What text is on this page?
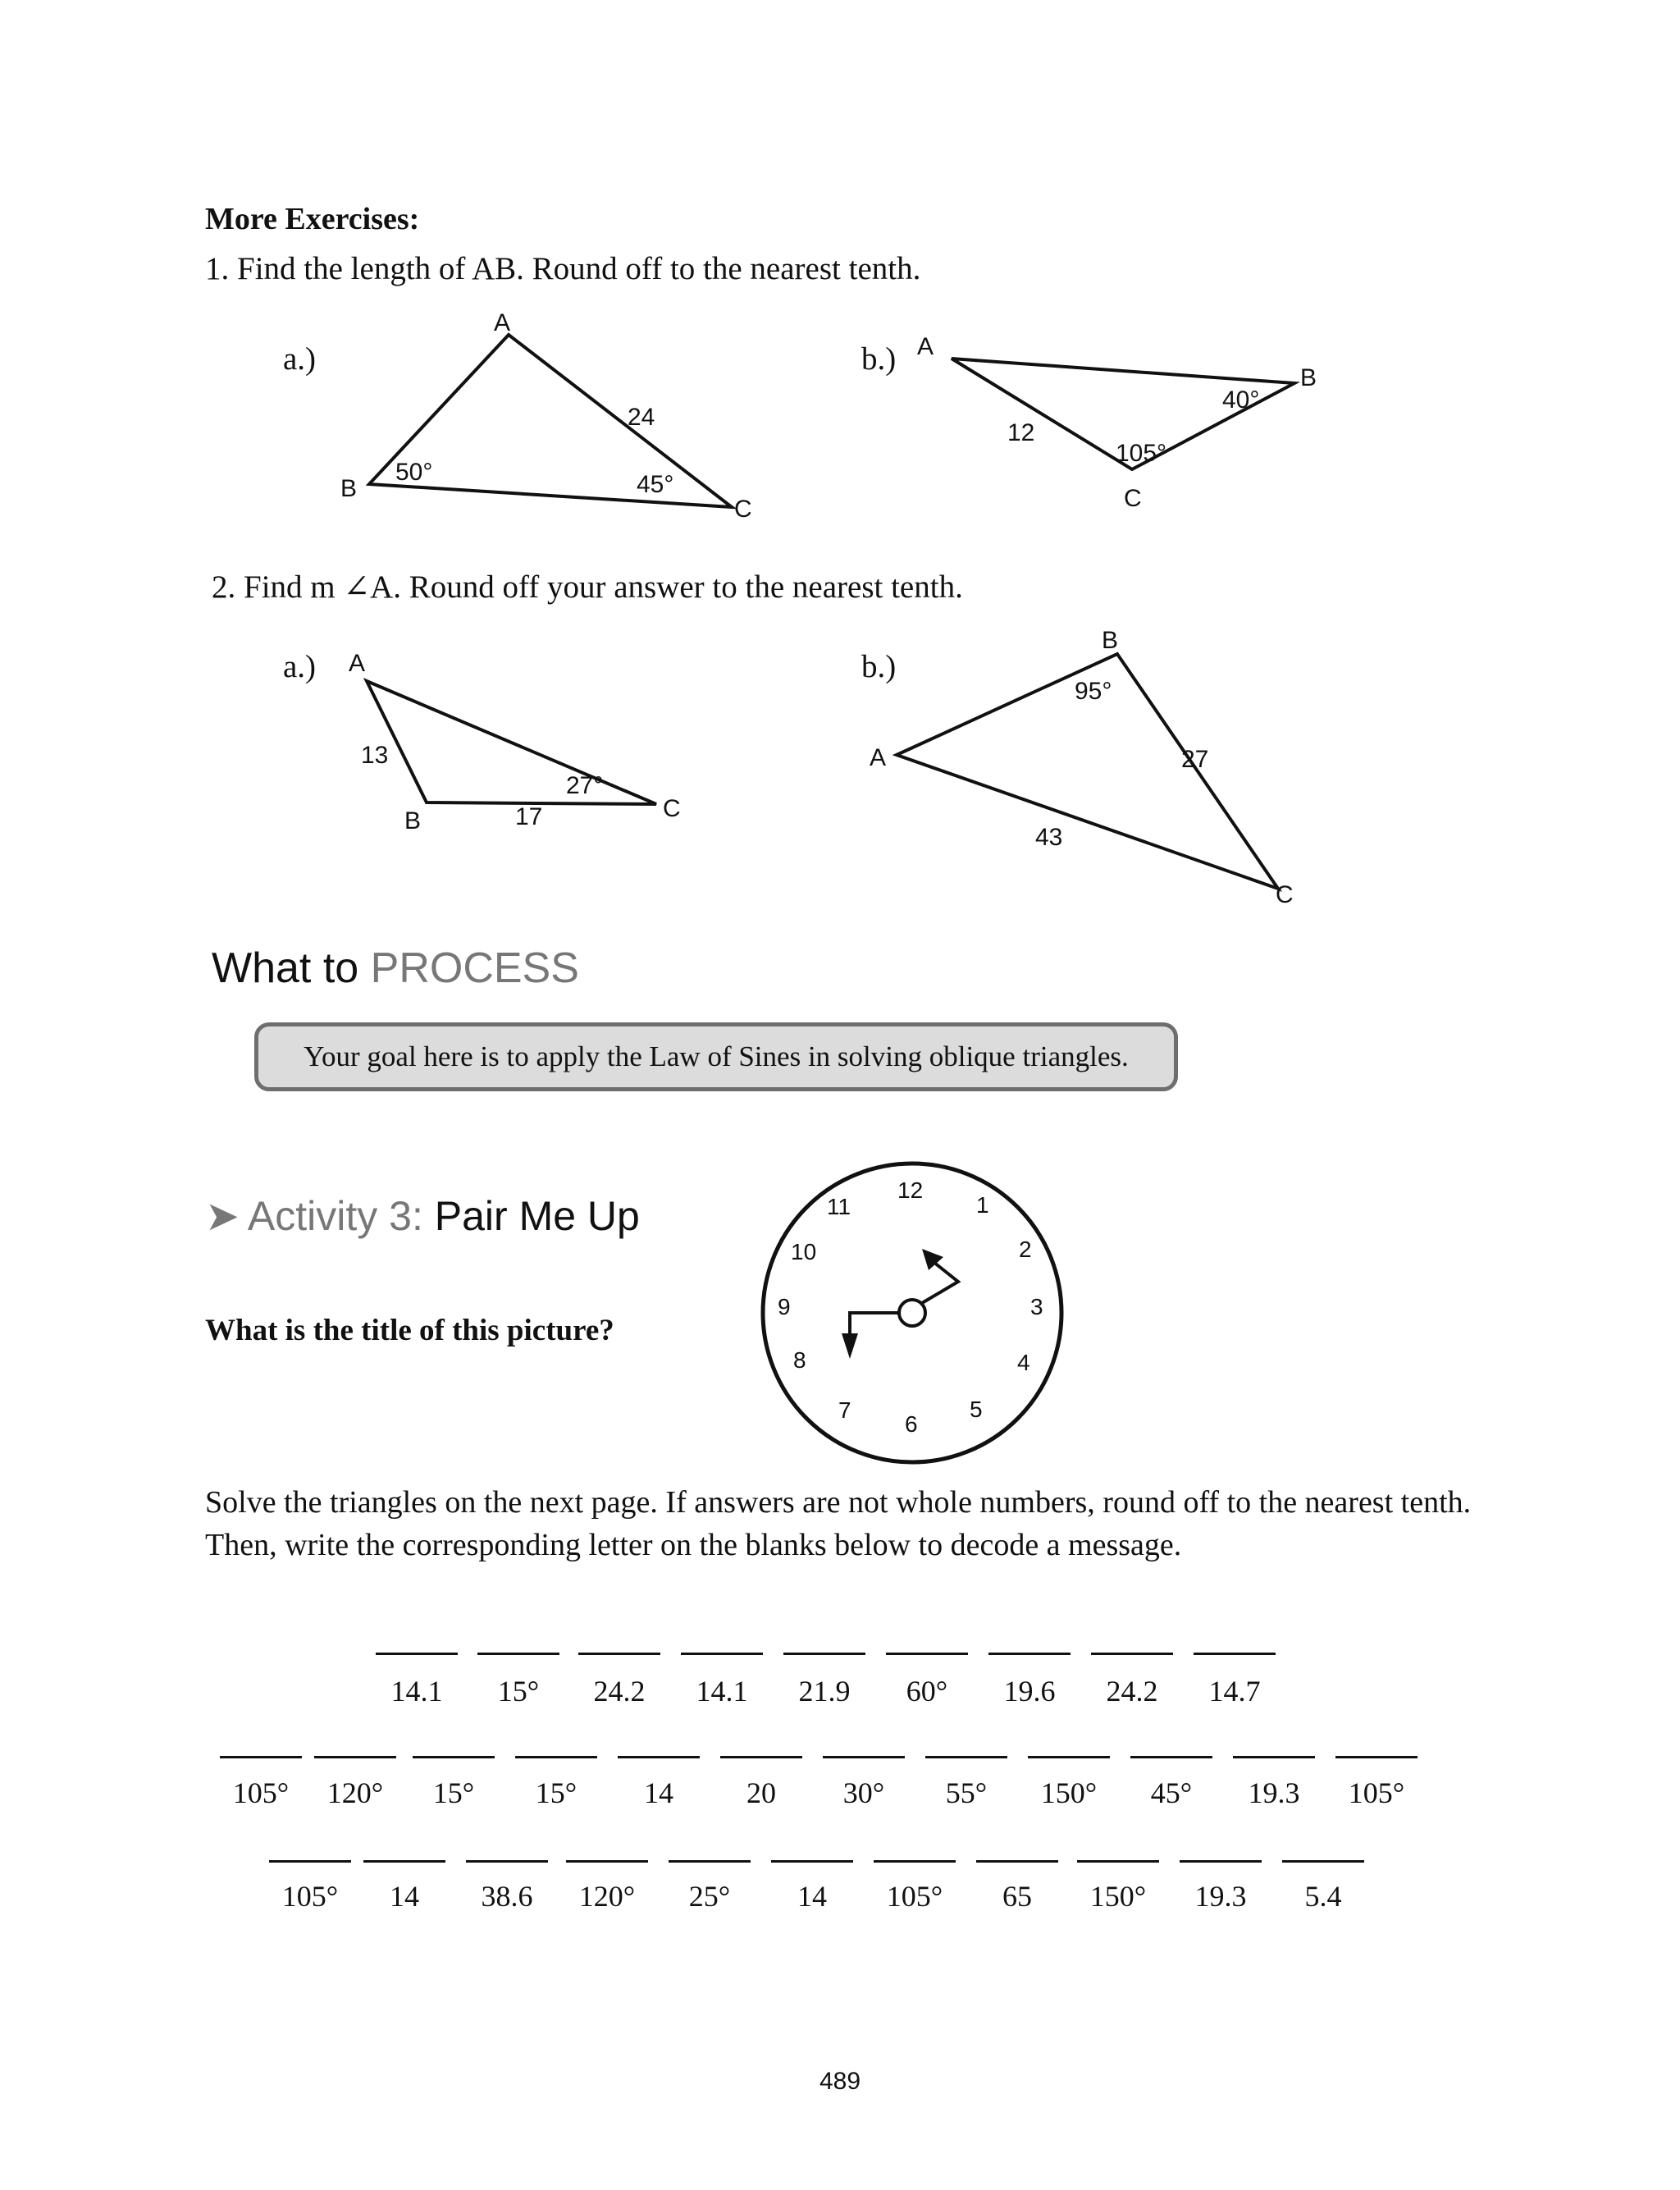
More Exercises:
1. Find the length of AB. Round off to the nearest tenth.
a.)	b.)
A
B
C
24
50°	45°
A
B
C
12
40°
105°
A
B	C
13
17
27°
A
B
C
27
43
95°
12
1
2
3
4
5
6
7
8
9
10
11
2. Find m ∠A. Round off your answer to the nearest tenth.
a.)	b.)
What to PROCESS
Your goal here is to apply the Law of Sines in solving oblique triangles.
➤ Activity 3: Pair Me Up
What is the title of this picture?
Solve the triangles on the next page. If answers are not whole numbers, round off to the nearest tenth. Then, write the corresponding letter on the blanks below to decode a message.
14.1	15°	24.2	14.1	21.9	60°	19.6	24.2	14.7
105°	120°	15°	15°	14	20	30°	55°	150°	45°	19.3	105°
105°	14	38.6	120°	25°	14	105°	65	150°	19.3	5.4
489
